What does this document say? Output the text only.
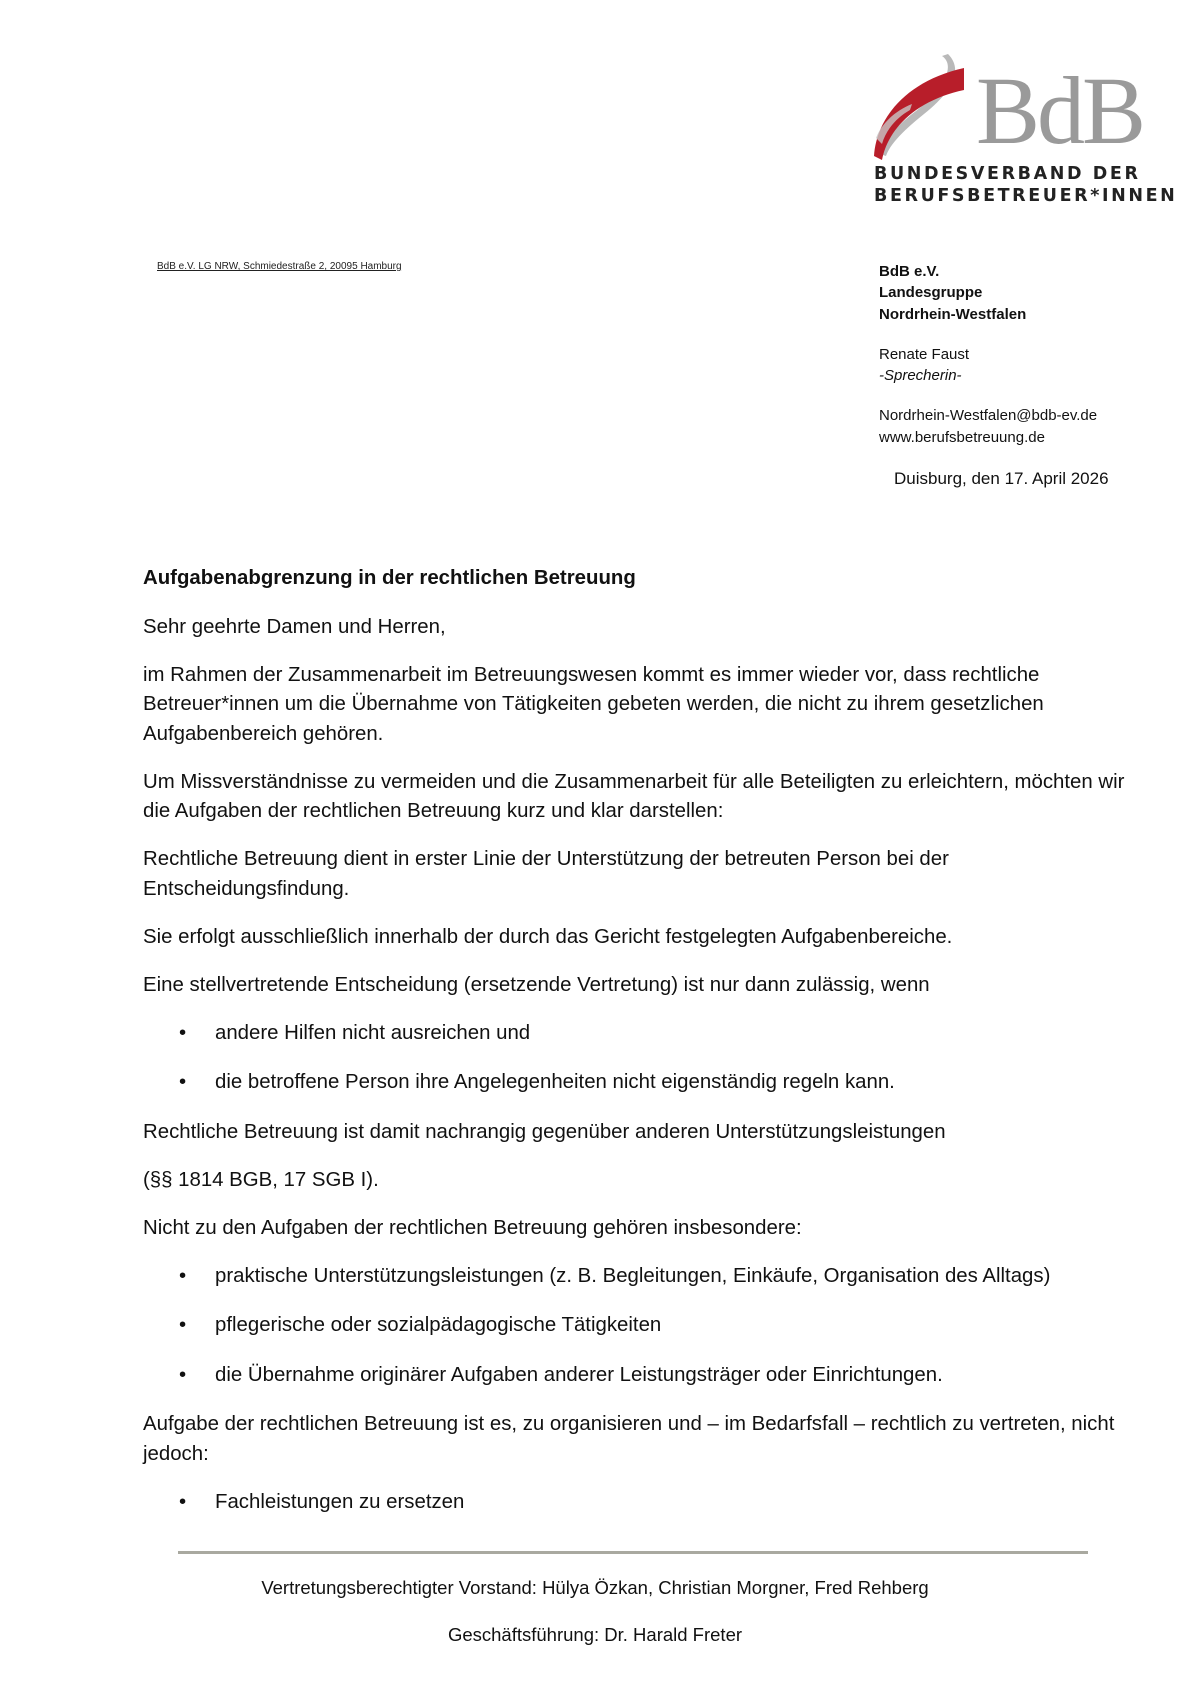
BdB
BUNDESVERBAND DER
BERUFSBETREUER*INNEN
BdB e.V. LG NRW, Schmiedestraße 2, 20095 Hamburg	BdB e.V.
Landesgruppe
Nordrhein-Westfalen
Renate Faust
-Sprecherin-
Nordrhein-Westfalen@bdb-ev.de
www.berufsbetreuung.de
Duisburg, den 17. April 2026

Aufgabenabgrenzung in der rechtlichen Betreuung

Sehr geehrte Damen und Herren,

im Rahmen der Zusammenarbeit im Betreuungswesen kommt es immer wieder vor, dass rechtliche Betreuer*innen um die Übernahme von Tätigkeiten gebeten werden, die nicht zu ihrem gesetzlichen Aufgabenbereich gehören.

Um Missverständnisse zu vermeiden und die Zusammenarbeit für alle Beteiligten zu erleichtern, möchten wir die Aufgaben der rechtlichen Betreuung kurz und klar darstellen:

Rechtliche Betreuung dient in erster Linie der Unterstützung der betreuten Person bei der Entscheidungsfindung.

Sie erfolgt ausschließlich innerhalb der durch das Gericht festgelegten Aufgabenbereiche.

Eine stellvertretende Entscheidung (ersetzende Vertretung) ist nur dann zulässig, wenn

• andere Hilfen nicht ausreichen und

• die betroffene Person ihre Angelegenheiten nicht eigenständig regeln kann.

Rechtliche Betreuung ist damit nachrangig gegenüber anderen Unterstützungsleistungen

(§§ 1814 BGB, 17 SGB I).

Nicht zu den Aufgaben der rechtlichen Betreuung gehören insbesondere:

• praktische Unterstützungsleistungen (z. B. Begleitungen, Einkäufe, Organisation des Alltags)

• pflegerische oder sozialpädagogische Tätigkeiten

• die Übernahme originärer Aufgaben anderer Leistungsträger oder Einrichtungen.

Aufgabe der rechtlichen Betreuung ist es, zu organisieren und – im Bedarfsfall – rechtlich zu vertreten, nicht jedoch:

• Fachleistungen zu ersetzen

Vertretungsberechtigter Vorstand: Hülya Özkan, Christian Morgner, Fred Rehberg
Geschäftsführung: Dr. Harald Freter
